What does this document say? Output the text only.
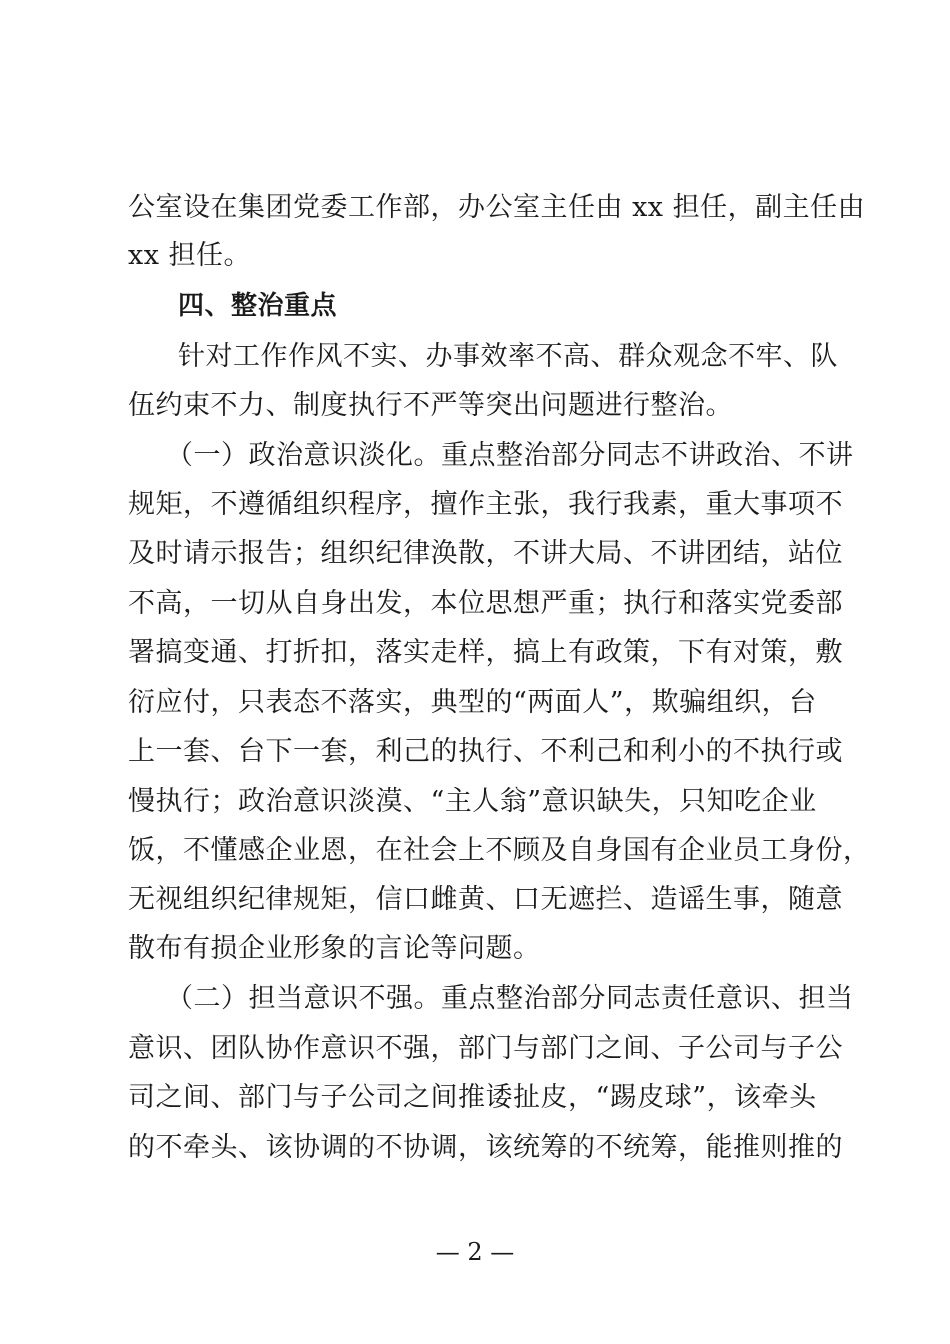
公室设在集团党委工作部，办公室主任由 xx 担任，副主任由
xx 担任。
四、整治重点
针对工作作风不实、办事效率不高、群众观念不牢、队
伍约束不力、制度执行不严等突出问题进行整治。
（一）政治意识淡化。重点整治部分同志不讲政治、不讲
规矩，不遵循组织程序，擅作主张，我行我素，重大事项不
及时请示报告；组织纪律涣散，不讲大局、不讲团结，站位
不高，一切从自身出发，本位思想严重；执行和落实党委部
署搞变通、打折扣，落实走样，搞上有政策，下有对策，敷
衍应付，只表态不落实，典型的“两面人”，欺骗组织，台
上一套、台下一套，利己的执行、不利己和利小的不执行或
慢执行；政治意识淡漠、“主人翁”意识缺失，只知吃企业
饭，不懂感企业恩，在社会上不顾及自身国有企业员工身份，
无视组织纪律规矩，信口雌黄、口无遮拦、造谣生事，随意
散布有损企业形象的言论等问题。
（二）担当意识不强。重点整治部分同志责任意识、担当
意识、团队协作意识不强，部门与部门之间、子公司与子公
司之间、部门与子公司之间推诿扯皮，“踢皮球”，该牵头
的不牵头、该协调的不协调，该统筹的不统筹，能推则推的
— 2 —
